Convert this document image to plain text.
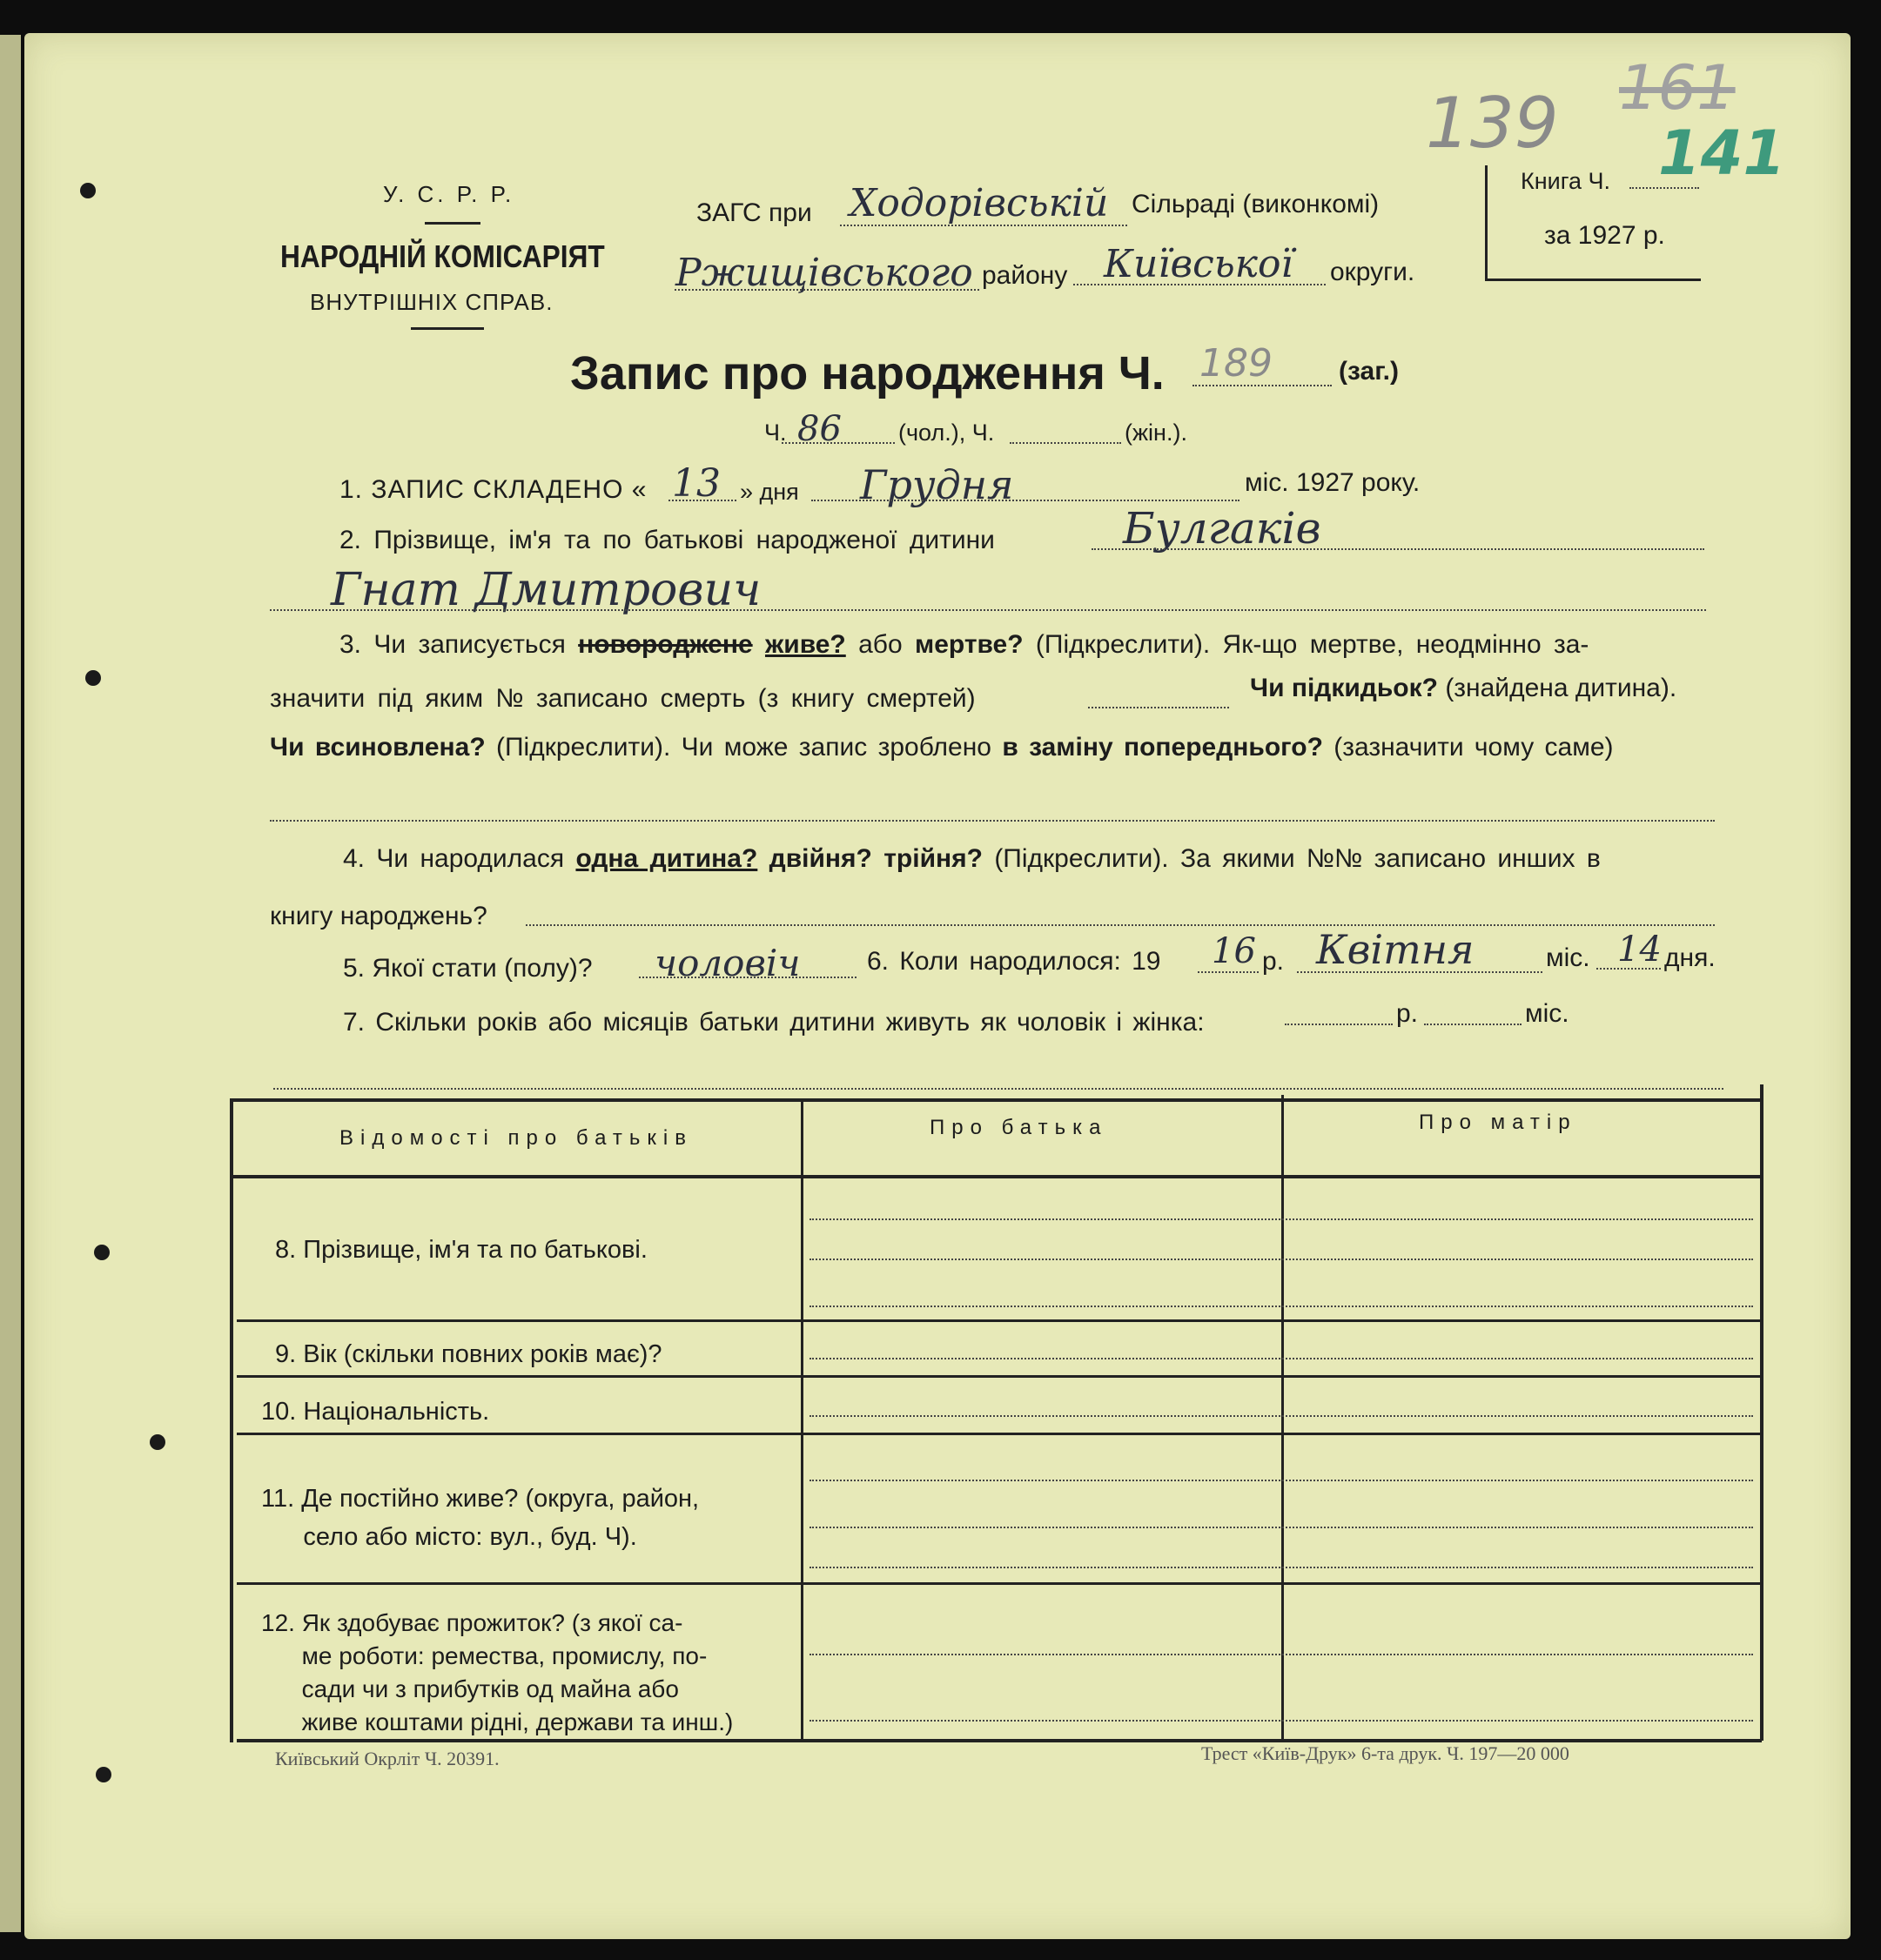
139 161
141
У. С. Р. Р.
НАРОДНІЙ КОМІСАРІЯТ
ВНУТРІШНІХ СПРАВ.
ЗАГС при Ходорівській Сільраді (виконкомі)
Ржищівського району Київської округи.
Книга Ч.
за 1927 р.
Запис про народження Ч. 189	(заг.)
Ч. 86 (чол.), Ч.	(жін.).
1. ЗАПИС СКЛАДЕНО « 13 » дня Грудня	міс. 1927 року.
2. Прізвище, ім'я та по батькові народженої дитини	Булгаків
Гнат Дмитрович
3. Чи записується новороджене живе? або мертве? (Підкреслити). Як-що мертве, неодмінно за-
значити під яким № записано смерть (з книгу смертей)	Чи підкидьок? (знайдена дитина).
Чи всиновлена? (Підкреслити). Чи може запис зроблено в заміну попереднього? (зазначити чому саме)
4. Чи народилася одна дитина? двійня? трійня? (Підкреслити). За якими №№ записано инших в
книгу народжень?
5. Якої стати (полу)? чоловіч	6. Коли народилося: 19 16 р. Квітня	міс. 14 дня.
7. Скільки років або місяців батьки дитини живуть як чоловік і жінка:	р.	міс.
Відомості про батьків	Про батька	Про матір
8. Прізвище, ім'я та по батькові.
9. Вік (скільки повних років має)?
10. Національність.
11. Де постійно живе? (округа, район,
село або місто: вул., буд. Ч).
12. Як здобуває прожиток? (з якої са-
ме роботи: ремества, промислу, по-
сади чи з прибутків од майна або
живе коштами рідні, держави та инш.)
Київський Окрліт Ч. 20391.	Трест «Київ-Друк» 6-та друк. Ч. 197—20 000
